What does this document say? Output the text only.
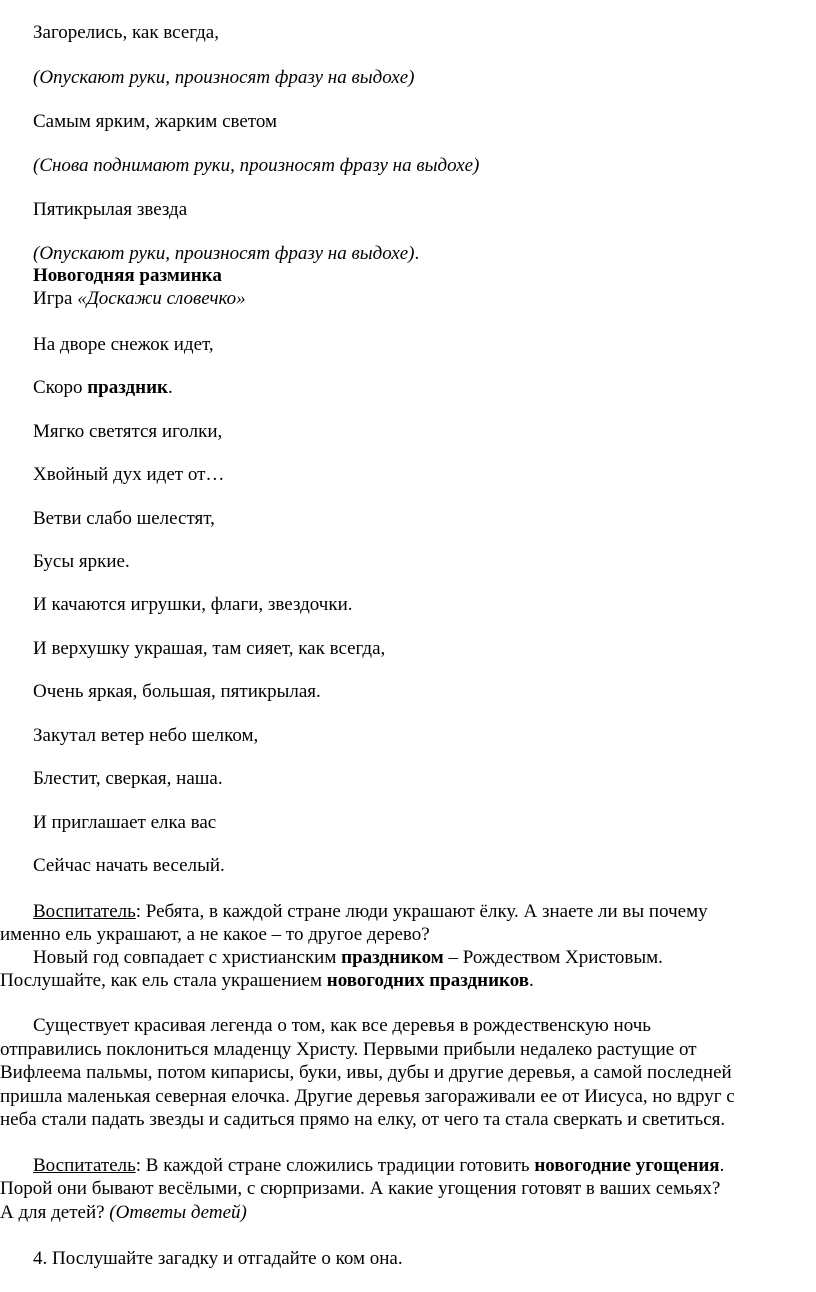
Загорелись, как всегда,
(Опускают руки, произносят фразу на выдохе)
Самым ярким, жарким светом
(Снова поднимают руки, произносят фразу на выдохе)
Пятикрылая звезда
(Опускают руки, произносят фразу на выдохе).
Новогодняя разминка
Игра «Доскажи словечко»
На дворе снежок идет,
Скоро праздник.
Мягко светятся иголки,
Хвойный дух идет от…
Ветви слабо шелестят,
Бусы яркие.
И качаются игрушки, флаги, звездочки.
И верхушку украшая, там сияет, как всегда,
Очень яркая, большая, пятикрылая.
Закутал ветер небо шелком,
Блестит, сверкая, наша.
И приглашает елка вас
Сейчас начать веселый.
Воспитатель: Ребята, в каждой стране люди украшают ёлку. А знаете ли вы почему
именно ель украшают, а не какое – то другое дерево?
Новый год совпадает с христианским праздником – Рождеством Христовым.
Послушайте, как ель стала украшением новогодних праздников.
Существует красивая легенда о том, как все деревья в рождественскую ночь
отправились поклониться младенцу Христу. Первыми прибыли недалеко растущие от
Вифлеема пальмы, потом кипарисы, буки, ивы, дубы и другие деревья, а самой последней
пришла маленькая северная елочка. Другие деревья загораживали ее от Иисуса, но вдруг с
неба стали падать звезды и садиться прямо на елку, от чего та стала сверкать и светиться.
Воспитатель: В каждой стране сложились традиции готовить новогодние угощения.
Порой они бывают весёлыми, с сюрпризами. А какие угощения готовят в ваших семьях?
А для детей? (Ответы детей)
4. Послушайте загадку и отгадайте о ком она.
